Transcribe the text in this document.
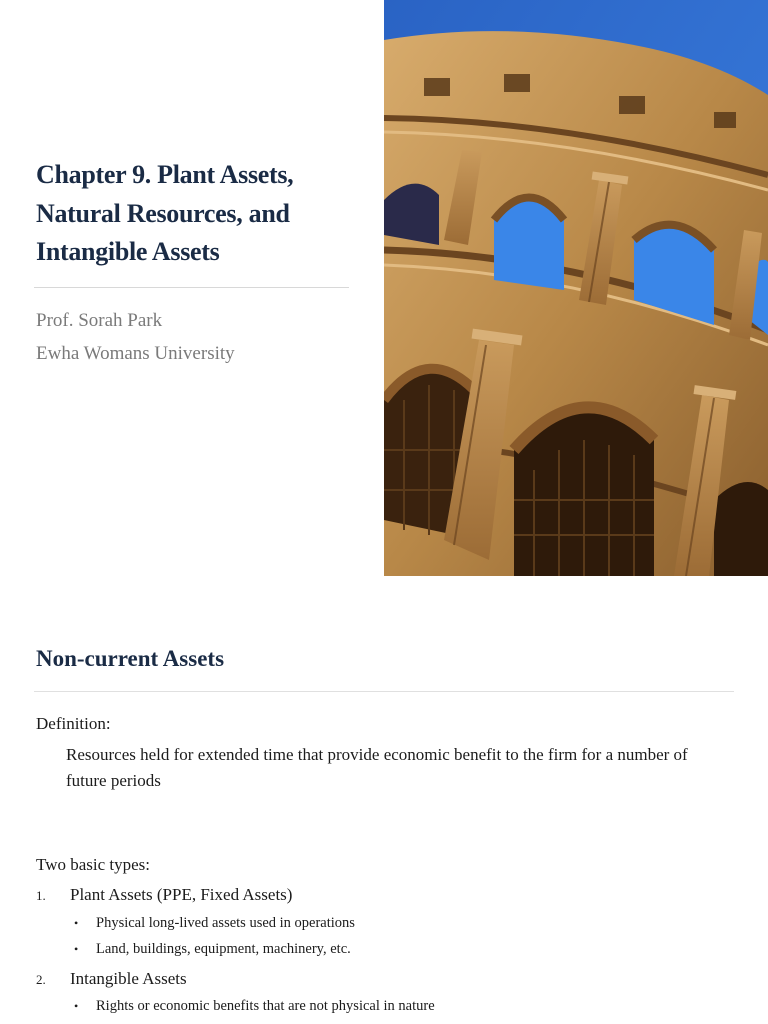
Chapter 9. Plant Assets,
Natural Resources, and
Intangible Assets
Prof. Sorah Park
Ewha Womans University
Non-current Assets
Definition:
Resources held for extended time that provide economic benefit to the firm for a number of future periods
Two basic types:
1. Plant Assets (PPE, Fixed Assets)
• Physical long-lived assets used in operations
• Land, buildings, equipment, machinery, etc.
2. Intangible Assets
• Rights or economic benefits that are not physical in nature
